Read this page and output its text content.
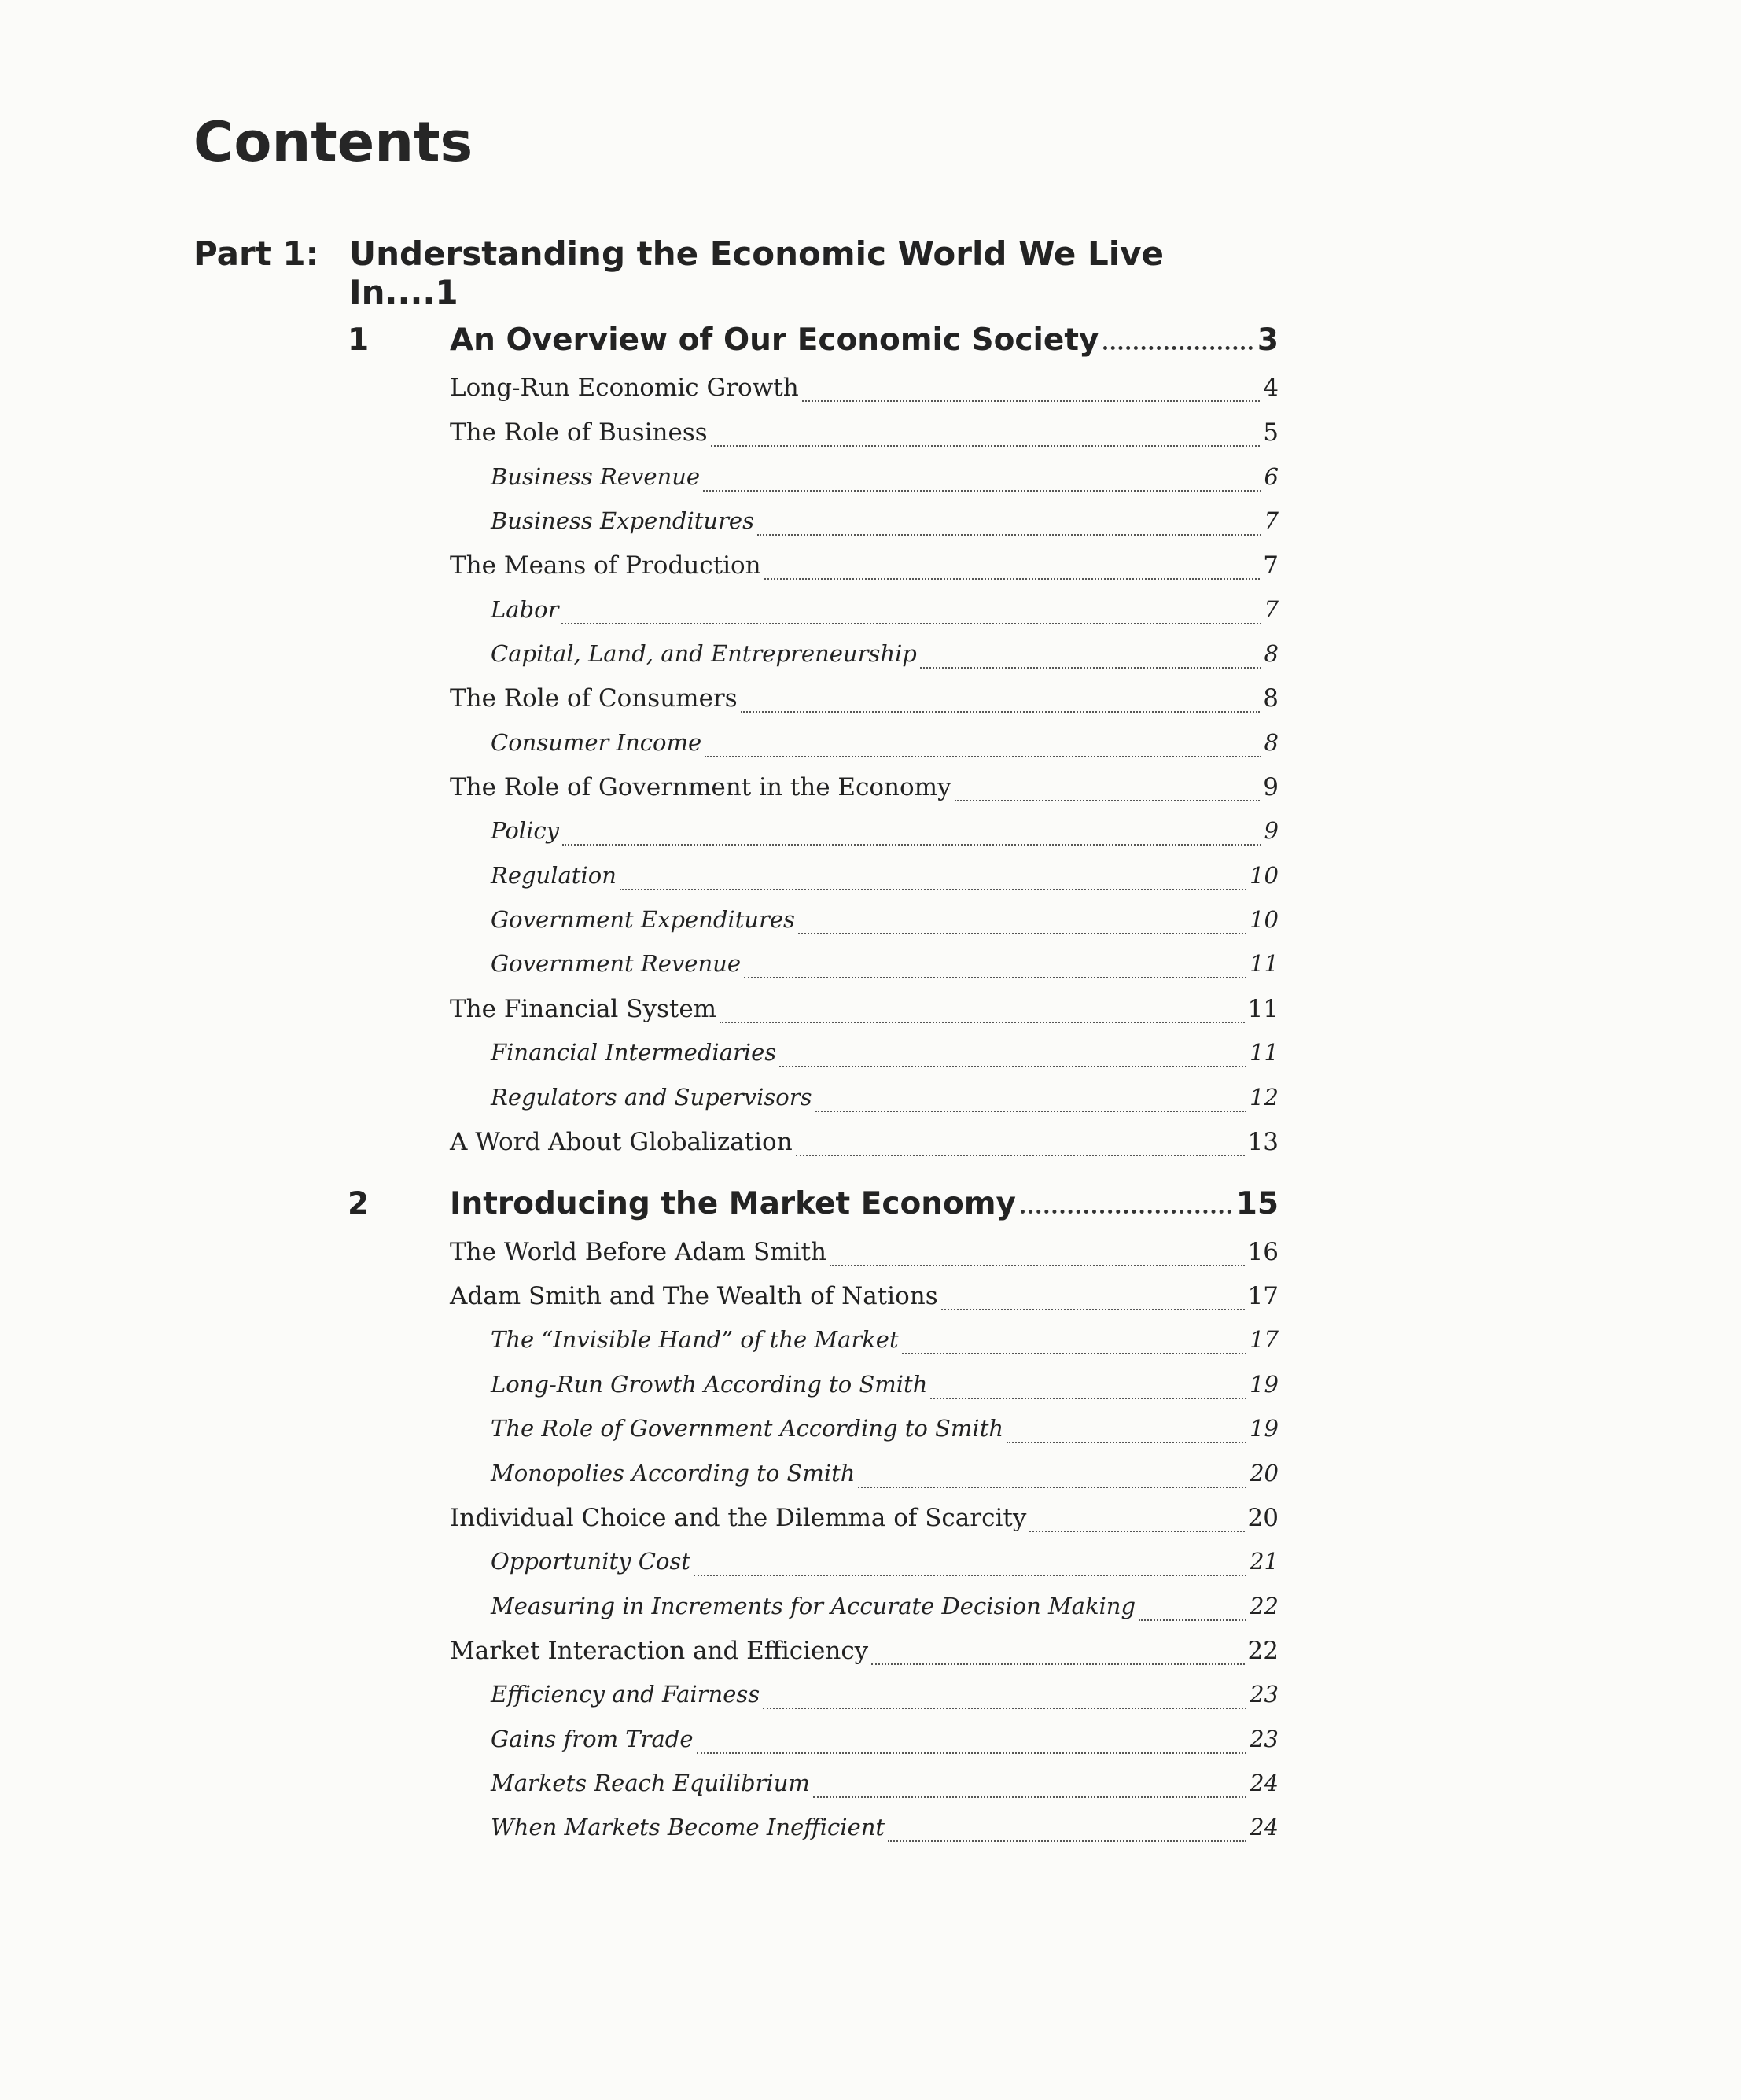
Contents
Part 1: Understanding the Economic World We Live In....1
1	An Overview of Our Economic Society	3
Long-Run Economic Growth	4
The Role of Business	5
Business Revenue	6
Business Expenditures	7
The Means of Production	7
Labor	7
Capital, Land, and Entrepreneurship	8
The Role of Consumers	8
Consumer Income	8
The Role of Government in the Economy	9
Policy	9
Regulation	10
Government Expenditures	10
Government Revenue	11
The Financial System	11
Financial Intermediaries	11
Regulators and Supervisors	12
A Word About Globalization	13
2	Introducing the Market Economy	15
The World Before Adam Smith	16
Adam Smith and The Wealth of Nations	17
The “Invisible Hand” of the Market	17
Long-Run Growth According to Smith	19
The Role of Government According to Smith	19
Monopolies According to Smith	20
Individual Choice and the Dilemma of Scarcity	20
Opportunity Cost	21
Measuring in Increments for Accurate Decision Making	22
Market Interaction and Efficiency	22
Efficiency and Fairness	23
Gains from Trade	23
Markets Reach Equilibrium	24
When Markets Become Inefficient	24
